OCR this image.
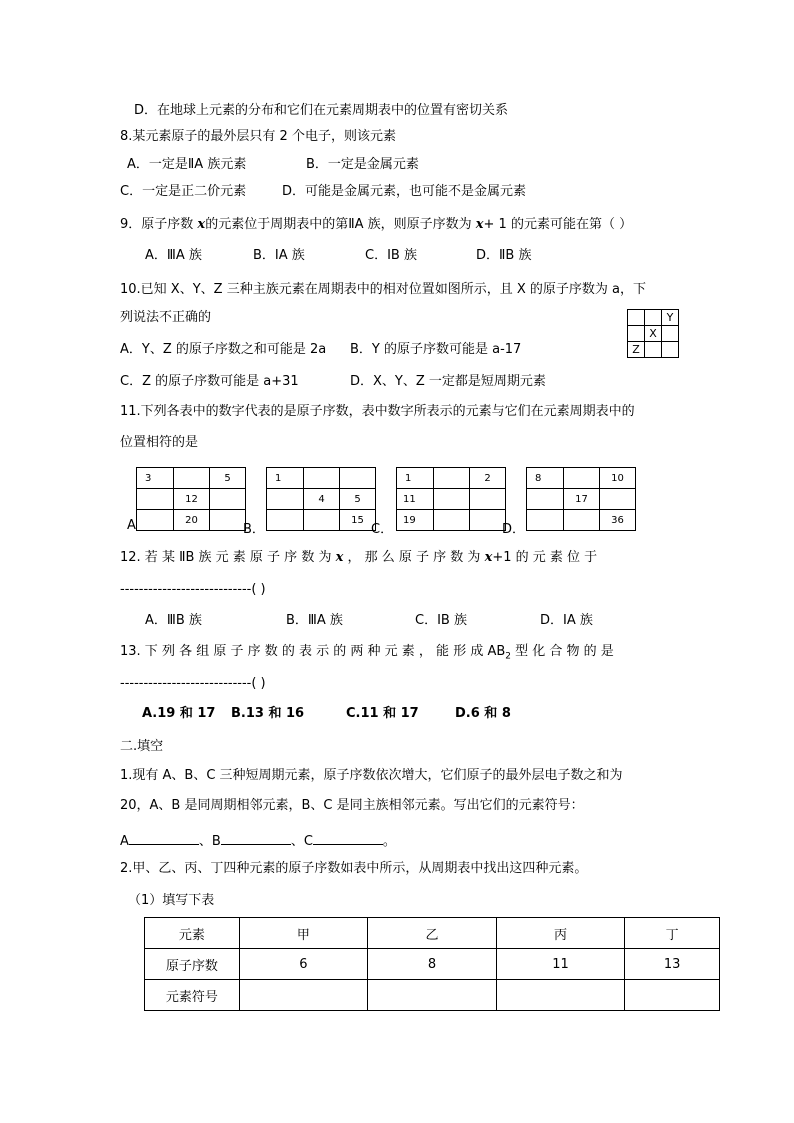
D．在地球上元素的分布和它们在元素周期表中的位置有密切关系
8.某元素原子的最外层只有 2 个电子，则该元素
A．一定是ⅡA 族元素	B．一定是金属元素
C．一定是正二价元素	D．可能是金属元素，也可能不是金属元素
9．原子序数 x的元素位于周期表中的第ⅡA 族，则原子序数为 x+ 1 的元素可能在第（ ）
A．ⅢA 族	B．ⅠA 族	C．ⅠB 族	D．ⅡB 族
10.已知 X、Y、Z 三种主族元素在周期表中的相对位置如图所示，且 X 的原子序数为 a，下
列说法不正确的
			Y
	X	
Z		
A．Y、Z 的原子序数之和可能是 2a B．Y 的原子序数可能是 a-17
C．Z 的原子序数可能是 a+31	D．X、Y、Z 一定都是短周期元素
11.下列各表中的数字代表的是原子序数，表中数字所表示的元素与它们在元素周期表中的
位置相符的是
3		5
	12	
	20	
A
1		
	4	5
		15
B．
1		2
11		
19		
C．
8		10
	17	
		36
D．
12. 若 某 ⅡB 族 元 素 原 子 序 数 为 x ， 那 么 原 子 序 数 为 x+1 的 元 素 位 于
----------------------------( )
A．ⅢB 族	B．ⅢA 族	C．ⅠB 族	D．ⅠA 族
13. 下 列 各 组 原 子 序 数 的 表 示 的 两 种 元 素 ， 能 形 成 $AB_2$ 型 化 合 物 的 是
----------------------------( )
A.19 和 17 B.13 和 16	C.11 和 17	D.6 和 8
二.填空
1.现有 A、B、C 三种短周期元素，原子序数依次增大，它们原子的最外层电子数之和为
20，A、B 是同周期相邻元素，B、C 是同主族相邻元素。写出它们的元素符号：
A	、B	、C	。
2.甲、乙、丙、丁四种元素的原子序数如表中所示，从周期表中找出这四种元素。
（1）填写下表
元素	甲	乙	丙	丁
原子序数	6	8	11	13
元素符号				
